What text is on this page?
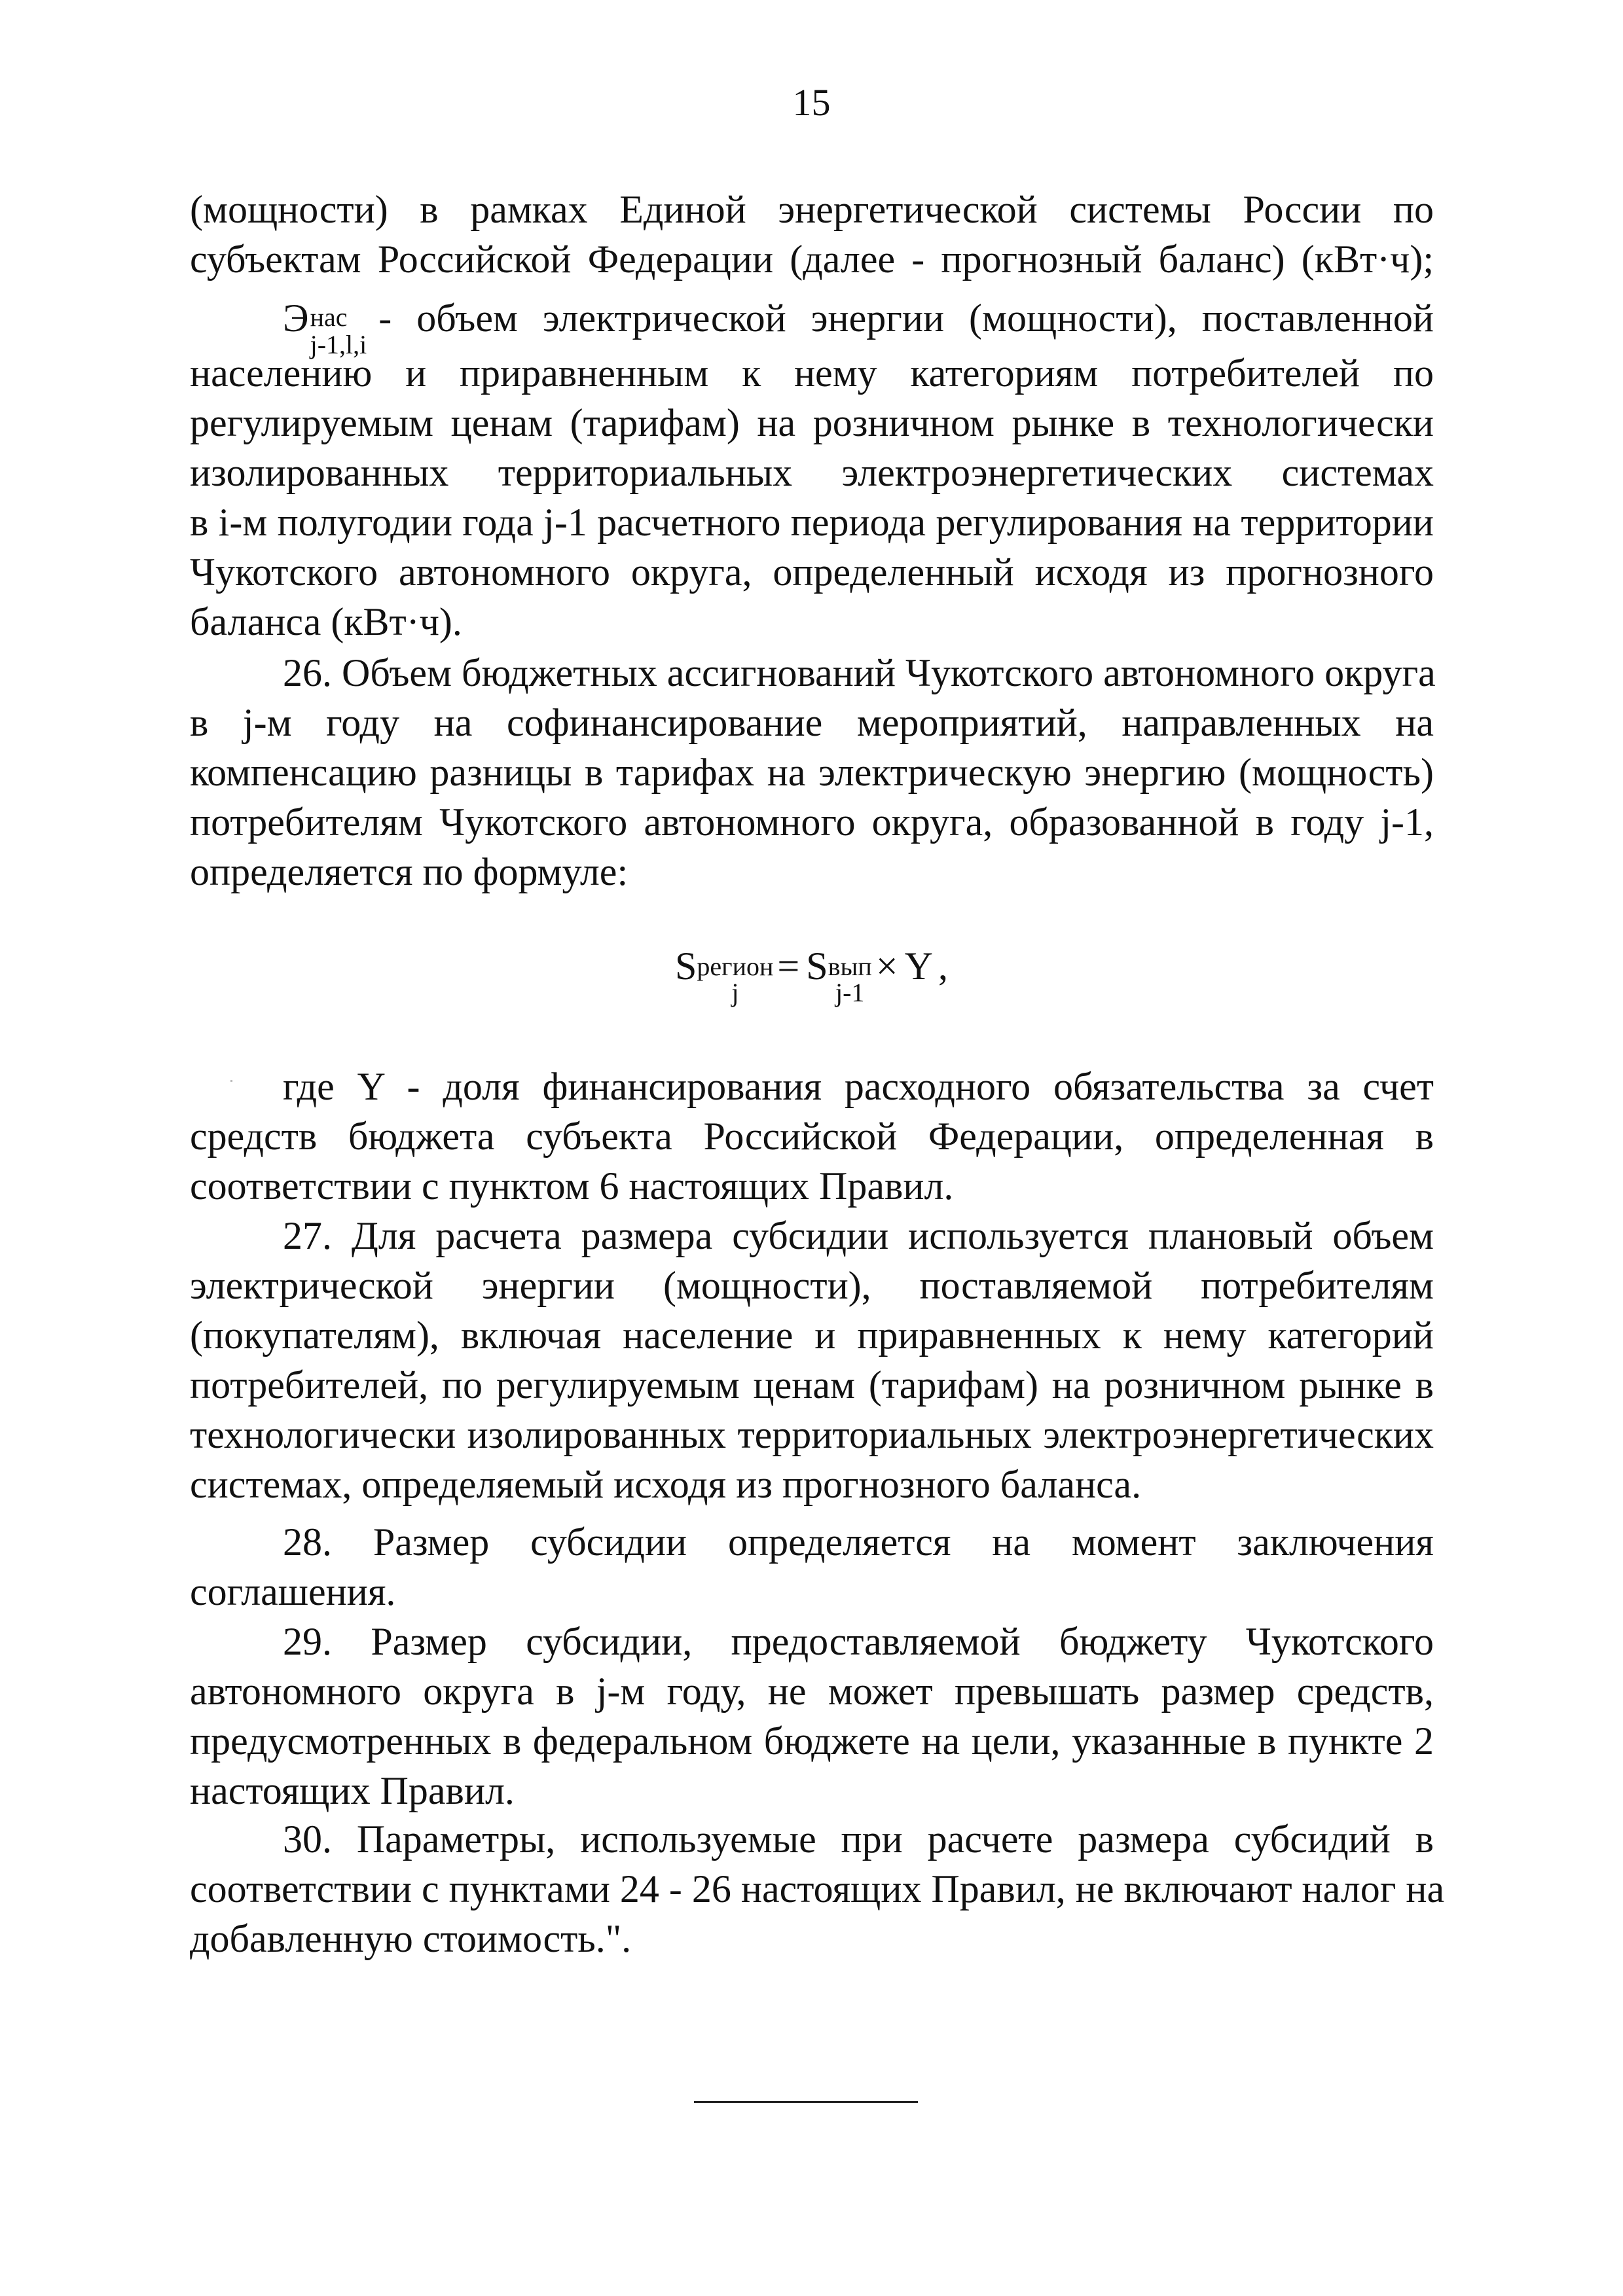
15
(мощности) в рамках Единой энергетической системы России по
субъектам Российской Федерации (далее - прогнозный баланс) (кВт·ч);
Э нас
j-1,l,i
- объем электрической энергии (мощности), поставленной
населению и приравненным к нему категориям потребителей по
регулируемым ценам (тарифам) на розничном рынке в технологически
изолированных территориальных электроэнергетических системах
в i-м полугодии года j-1 расчетного периода регулирования на территории
Чукотского автономного округа, определенный исходя из прогнозного
баланса (кВт·ч).
26. Объем бюджетных ассигнований Чукотского автономного округа
в j-м году на софинансирование мероприятий, направленных на
компенсацию разницы в тарифах на электрическую энергию (мощность)
потребителям Чукотского автономного округа, образованной в году j-1,
определяется по формуле:
S регион
j
= S вып
j-1
× Y ,
где Y - доля финансирования расходного обязательства за счет
средств бюджета субъекта Российской Федерации, определенная в
соответствии с пунктом 6 настоящих Правил.
27. Для расчета размера субсидии используется плановый объем
электрической энергии (мощности), поставляемой потребителям
(покупателям), включая население и приравненных к нему категорий
потребителей, по регулируемым ценам (тарифам) на розничном рынке в
технологически изолированных территориальных электроэнергетических
системах, определяемый исходя из прогнозного баланса.
28. Размер субсидии определяется на момент заключения
соглашения.
29. Размер субсидии, предоставляемой бюджету Чукотского
автономного округа в j-м году, не может превышать размер средств,
предусмотренных в федеральном бюджете на цели, указанные в пункте 2
настоящих Правил.
30. Параметры, используемые при расчете размера субсидий в
соответствии с пунктами 24 - 26 настоящих Правил, не включают налог на
добавленную стоимость.".
